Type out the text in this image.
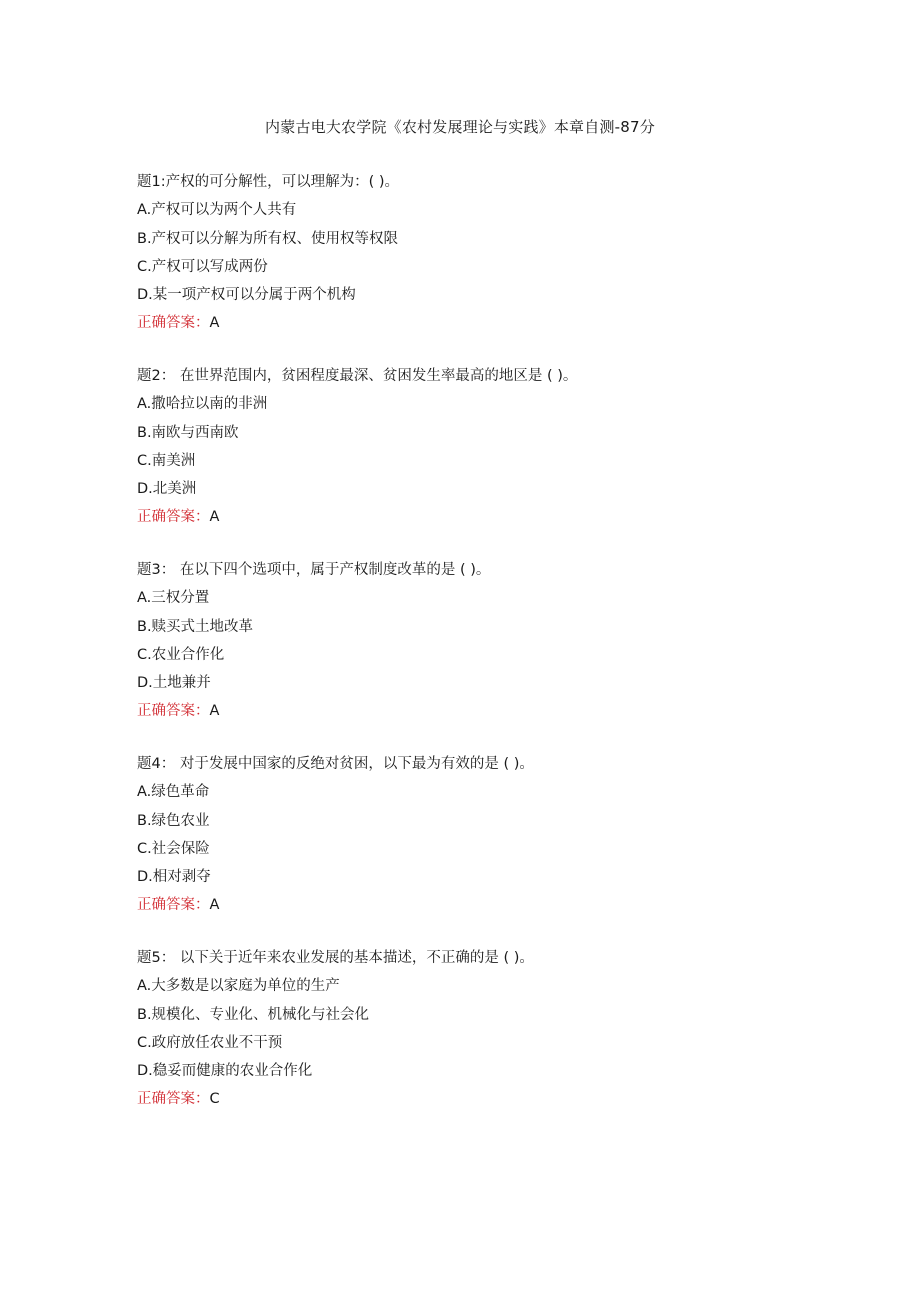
内蒙古电大农学院《农村发展理论与实践》本章自测-87分
题1:产权的可分解性，可以理解为：( )。
A.产权可以为两个人共有
B.产权可以分解为所有权、使用权等权限
C.产权可以写成两份
D.某一项产权可以分属于两个机构
正确答案：A
题2： 在世界范围内，贫困程度最深、贫困发生率最高的地区是 ( )。
A.撒哈拉以南的非洲
B.南欧与西南欧
C.南美洲
D.北美洲
正确答案：A
题3： 在以下四个选项中，属于产权制度改革的是 ( )。
A.三权分置
B.赎买式土地改革
C.农业合作化
D.土地兼并
正确答案：A
题4： 对于发展中国家的反绝对贫困，以下最为有效的是 ( )。
A.绿色革命
B.绿色农业
C.社会保险
D.相对剥夺
正确答案：A
题5： 以下关于近年来农业发展的基本描述，不正确的是 ( )。
A.大多数是以家庭为单位的生产
B.规模化、专业化、机械化与社会化
C.政府放任农业不干预
D.稳妥而健康的农业合作化
正确答案：C
